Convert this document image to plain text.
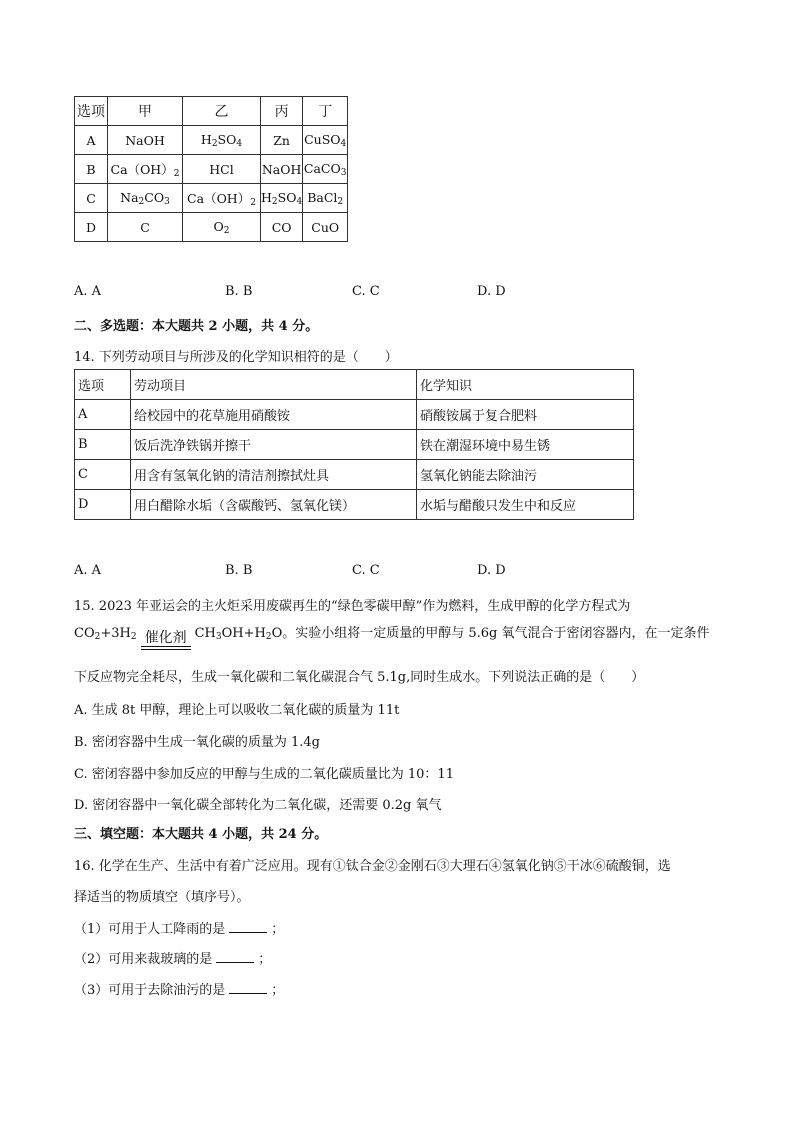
选项	甲	乙	丙	丁
A	NaOH	$H_2SO_4$	Zn	CuSO$_4$
B	$Ca(OH)_2$	HCl	NaOH	CaCO$_3$
C	$Na_2CO_3$	$Ca(OH)_2$	$H_2SO_4$	BaCl$_2$
D	C	$O_2$	CO	CuO
A. A	B. B	C. C	D. D
二、多选题：本大题共 2 小题，共 4 分。
14. 下列劳动项目与所涉及的化学知识相符的是（　　）
选项	劳动项目	化学知识
A	给校园中的花草施用硝酸铵	硝酸铵属于复合肥料
B	饭后洗净铁锅并擦干	铁在潮湿环境中易生锈
C	用含有氢氧化钠的清洁剂擦拭灶具	氢氧化钠能去除油污
D	用白醋除水垢（含碳酸钙、氢氧化镁）	水垢与醋酸只发生中和反应
A. A	B. B	C. C	D. D
15. 2023 年亚运会的主火炬采用废碳再生的“绿色零碳甲醇”作为燃料，生成甲醇的化学方程式为
$CO_2+3H_2$ 催化剂 $CH_3OH+H_2O$。实验小组将一定质量的甲醇与 5.6g 氧气混合于密闭容器内，在一定条件
下反应物完全耗尽，生成一氧化碳和二氧化碳混合气 5.1g,同时生成水。下列说法正确的是（　　）
A. 生成 8t 甲醇，理论上可以吸收二氧化碳的质量为 11t
B. 密闭容器中生成一氧化碳的质量为 1.4g
C. 密闭容器中参加反应的甲醇与生成的二氧化碳质量比为 10：11
D. 密闭容器中一氧化碳全部转化为二氧化碳，还需要 0.2g 氧气
三、填空题：本大题共 4 小题，共 24 分。
16. 化学在生产、生活中有着广泛应用。现有①钛合金②金刚石③大理石④氢氧化钠⑤干冰⑥硫酸铜，选
择适当的物质填空（填序号）。
（1）可用于人工降雨的是	；
（2）可用来裁玻璃的是	；
（3）可用于去除油污的是	；
